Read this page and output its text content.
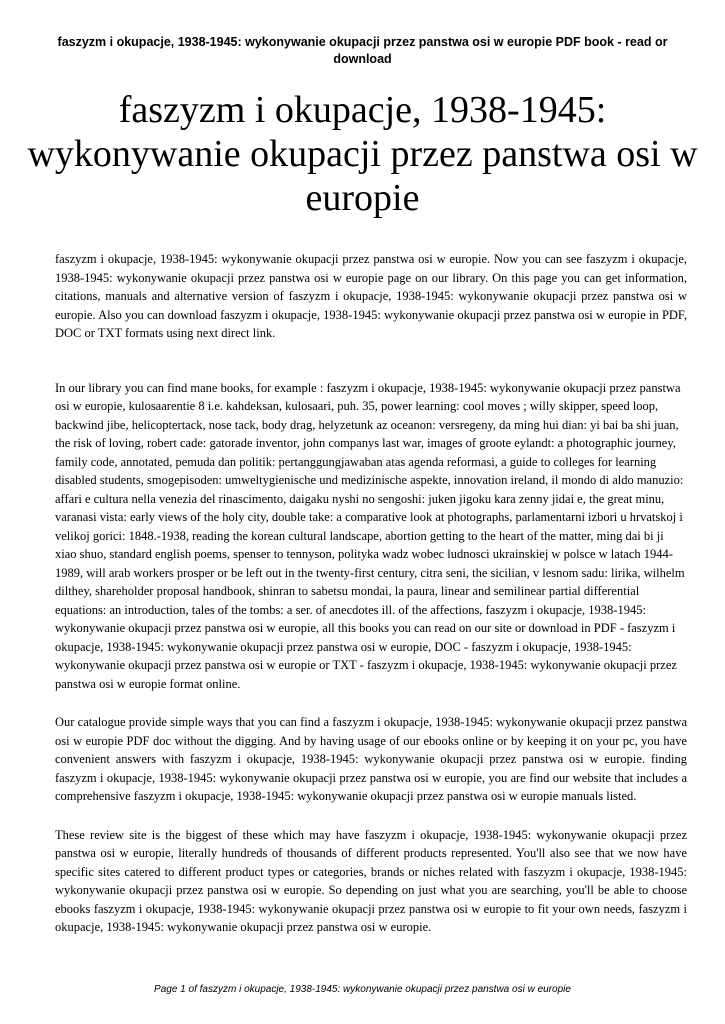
faszyzm i okupacje, 1938-1945: wykonywanie okupacji przez panstwa osi w europie PDF book - read or download
faszyzm i okupacje, 1938-1945: wykonywanie okupacji przez panstwa osi w europie

faszyzm i okupacje, 1938-1945: wykonywanie okupacji przez panstwa osi w europie. Now you can see faszyzm i okupacje, 1938-1945: wykonywanie okupacji przez panstwa osi w europie page on our library. On this page you can get information, citations, manuals and alternative version of faszyzm i okupacje, 1938-1945: wykonywanie okupacji przez panstwa osi w europie. Also you can download faszyzm i okupacje, 1938-1945: wykonywanie okupacji przez panstwa osi w europie in PDF, DOC or TXT formats using next direct link.

In our library you can find mane books, for example : faszyzm i okupacje, 1938-1945: wykonywanie okupacji przez panstwa osi w europie, kulosaarentie 8 i.e. kahdeksan, kulosaari, puh. 35, power learning: cool moves ; willy skipper, speed loop, backwind jibe, helicoptertack, nose tack, body drag, helyzetunk az oceanon: versregeny, da ming hui dian: yi bai ba shi juan, the risk of loving, robert cade: gatorade inventor, john companys last war, images of groote eylandt: a photographic journey, family code, annotated, pemuda dan politik: pertanggungjawaban atas agenda reformasi, a guide to colleges for learning disabled students, smogepisoden: umweltygienische und medizinische aspekte, innovation ireland, il mondo di aldo manuzio: affari e cultura nella venezia del rinascimento, daigaku nyshi no sengoshi: juken jigoku kara zenny jidai e, the great minu, varanasi vista: early views of the holy city, double take: a comparative look at photographs, parlamentarni izbori u hrvatskoj i velikoj gorici: 1848.-1938, reading the korean cultural landscape, abortion getting to the heart of the matter, ming dai bi ji xiao shuo, standard english poems, spenser to tennyson, polityka wadz wobec ludnosci ukrainskiej w polsce w latach 1944-1989, will arab workers prosper or be left out in the twenty-first century, citra seni, the sicilian, v lesnom sadu: lirika, wilhelm dilthey, shareholder proposal handbook, shinran to sabetsu mondai, la paura, linear and semilinear partial differential equations: an introduction, tales of the tombs: a ser. of anecdotes ill. of the affections, faszyzm i okupacje, 1938-1945: wykonywanie okupacji przez panstwa osi w europie, all this books you can read on our site or download in PDF - faszyzm i okupacje, 1938-1945: wykonywanie okupacji przez panstwa osi w europie, DOC - faszyzm i okupacje, 1938-1945: wykonywanie okupacji przez panstwa osi w europie or TXT - faszyzm i okupacje, 1938-1945: wykonywanie okupacji przez panstwa osi w europie format online.

Our catalogue provide simple ways that you can find a faszyzm i okupacje, 1938-1945: wykonywanie okupacji przez panstwa osi w europie PDF doc without the digging. And by having usage of our ebooks online or by keeping it on your pc, you have convenient answers with faszyzm i okupacje, 1938-1945: wykonywanie okupacji przez panstwa osi w europie. finding faszyzm i okupacje, 1938-1945: wykonywanie okupacji przez panstwa osi w europie, you are find our website that includes a comprehensive faszyzm i okupacje, 1938-1945: wykonywanie okupacji przez panstwa osi w europie manuals listed.

These review site is the biggest of these which may have faszyzm i okupacje, 1938-1945: wykonywanie okupacji przez panstwa osi w europie, literally hundreds of thousands of different products represented. You'll also see that we now have specific sites catered to different product types or categories, brands or niches related with faszyzm i okupacje, 1938-1945: wykonywanie okupacji przez panstwa osi w europie. So depending on just what you are searching, you'll be able to choose ebooks faszyzm i okupacje, 1938-1945: wykonywanie okupacji przez panstwa osi w europie to fit your own needs, faszyzm i okupacje, 1938-1945: wykonywanie okupacji przez panstwa osi w europie.

Page 1 of faszyzm i okupacje, 1938-1945: wykonywanie okupacji przez panstwa osi w europie
